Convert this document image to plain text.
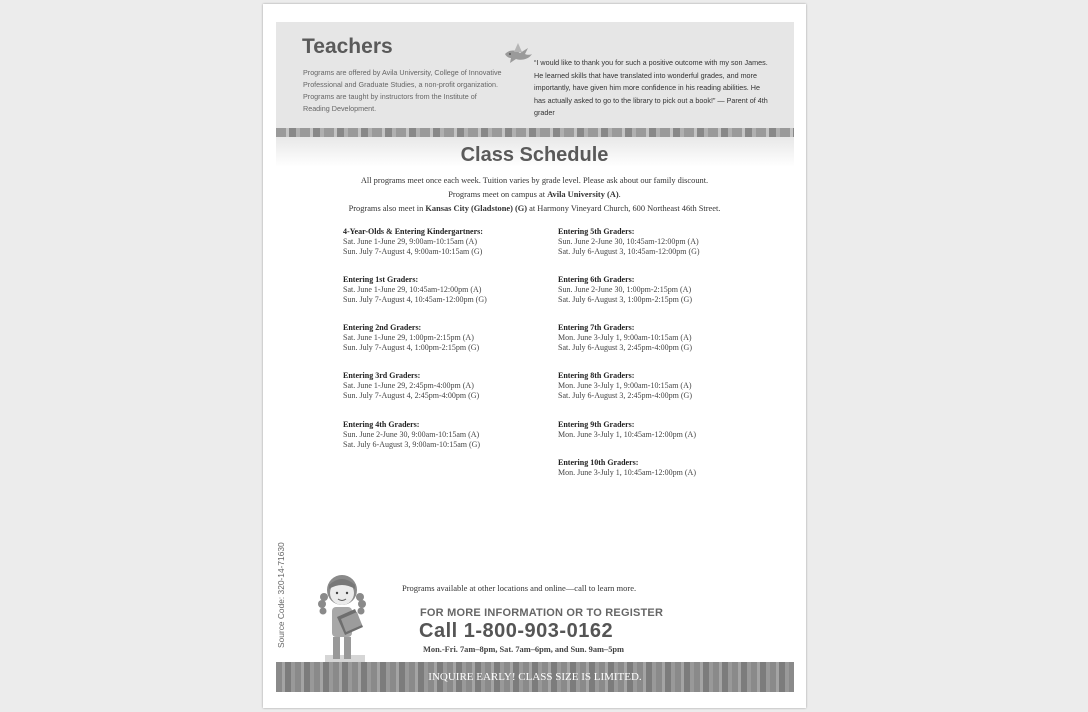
Teachers

Programs are offered by Avila University, College of Innovative Professional and Graduate Studies, a non-profit organization. Programs are taught by instructors from the Institute of Reading Development.

“I would like to thank you for such a positive outcome with my son James. He learned skills that have translated into wonderful grades, and more importantly, have given him more confidence in his reading abilities. He has actually asked to go to the library to pick out a book!” — Parent of 4th grader

Class Schedule
All programs meet once each week. Tuition varies by grade level. Please ask about our family discount.
Programs meet on campus at Avila University (A).
Programs also meet in Kansas City (Gladstone) (G) at Harmony Vineyard Church, 600 Northeast 46th Street.
4-Year-Olds & Entering Kindergartners:
Sat. June 1-June 29, 9:00am-10:15am (A)
Sun. July 7-August 4, 9:00am-10:15am (G)
Entering 1st Graders:
Sat. June 1-June 29, 10:45am-12:00pm (A)
Sun. July 7-August 4, 10:45am-12:00pm (G)
Entering 2nd Graders:
Sat. June 1-June 29, 1:00pm-2:15pm (A)
Sun. July 7-August 4, 1:00pm-2:15pm (G)
Entering 3rd Graders:
Sat. June 1-June 29, 2:45pm-4:00pm (A)
Sun. July 7-August 4, 2:45pm-4:00pm (G)
Entering 4th Graders:
Sun. June 2-June 30, 9:00am-10:15am (A)
Sat. July 6-August 3, 9:00am-10:15am (G)
Entering 5th Graders:
Sun. June 2-June 30, 10:45am-12:00pm (A)
Sat. July 6-August 3, 10:45am-12:00pm (G)
Entering 6th Graders:
Sun. June 2-June 30, 1:00pm-2:15pm (A)
Sat. July 6-August 3, 1:00pm-2:15pm (G)
Entering 7th Graders:
Mon. June 3-July 1, 9:00am-10:15am (A)
Sat. July 6-August 3, 2:45pm-4:00pm (G)
Entering 8th Graders:
Mon. June 3-July 1, 9:00am-10:15am (A)
Sat. July 6-August 3, 2:45pm-4:00pm (G)
Entering 9th Graders:
Mon. June 3-July 1, 10:45am-12:00pm (A)
Entering 10th Graders:
Mon. June 3-July 1, 10:45am-12:00pm (A)
Source Code: 320-14-71630	Programs available at other locations and online—call to learn more.
FOR MORE INFORMATION OR TO REGISTER
Call 1-800-903-0162
Mon.-Fri. 7am–8pm, Sat. 7am–6pm, and Sun. 9am–5pm
INQUIRE EARLY! CLASS SIZE IS LIMITED.
